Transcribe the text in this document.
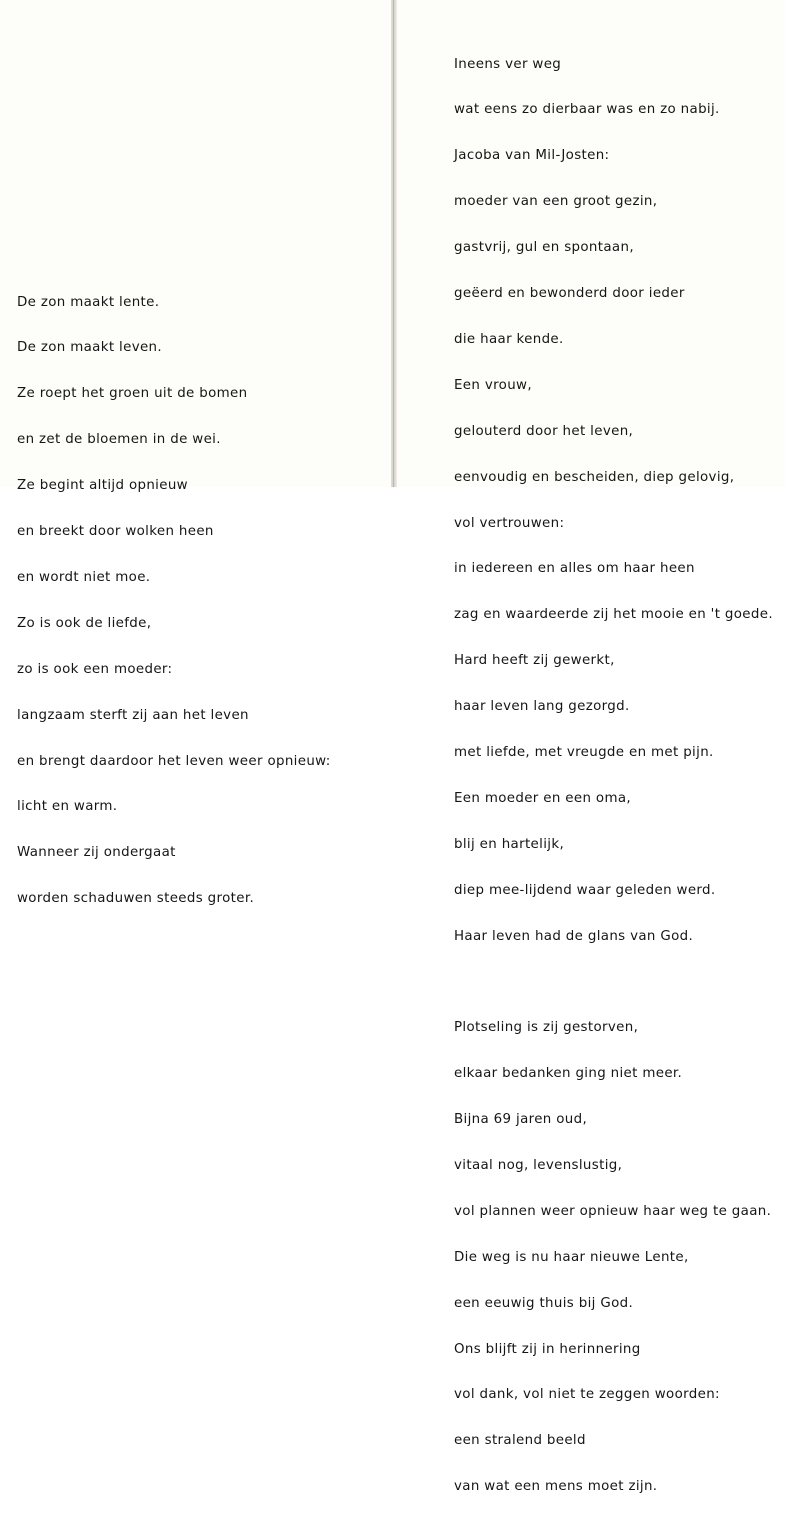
De zon maakt lente.

De zon maakt leven.

Ze roept het groen uit de bomen

en zet de bloemen in de wei.

Ze begint altijd opnieuw

en breekt door wolken heen

en wordt niet moe.

Zo is ook de liefde,

zo is ook een moeder:

langzaam sterft zij aan het leven

en brengt daardoor het leven weer opnieuw:

licht en warm.

Wanneer zij ondergaat

worden schaduwen steeds groter.

Ineens ver weg

wat eens zo dierbaar was en zo nabij.

Jacoba van Mil-Josten:

moeder van een groot gezin,

gastvrij, gul en spontaan,

geëerd en bewonderd door ieder

die haar kende.

Een vrouw,

gelouterd door het leven,

eenvoudig en bescheiden, diep gelovig,

vol vertrouwen:

in iedereen en alles om haar heen

zag en waardeerde zij het mooie en 't goede.

Hard heeft zij gewerkt,

haar leven lang gezorgd.

met liefde, met vreugde en met pijn.

Een moeder en een oma,

blij en hartelijk,

diep mee-lijdend waar geleden werd.

Haar leven had de glans van God.

Plotseling is zij gestorven,

elkaar bedanken ging niet meer.

Bijna 69 jaren oud,

vitaal nog, levenslustig,

vol plannen weer opnieuw haar weg te gaan.

Die weg is nu haar nieuwe Lente,

een eeuwig thuis bij God.

Ons blijft zij in herinnering

vol dank, vol niet te zeggen woorden:

een stralend beeld

van wat een mens moet zijn.
